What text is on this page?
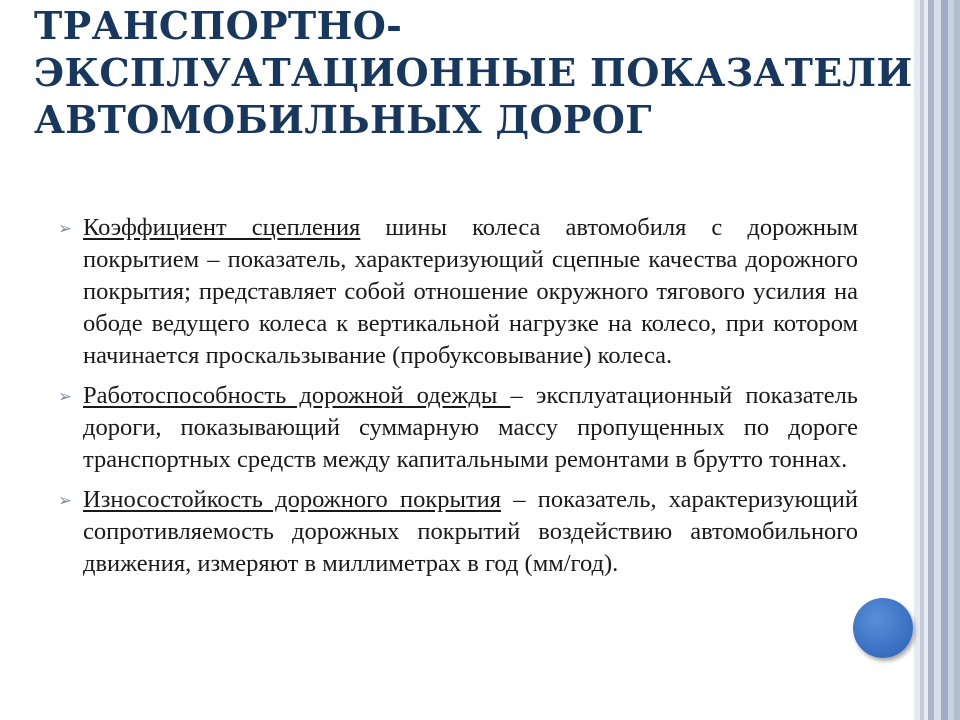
ТРАНСПОРТНО-ЭКСПЛУАТАЦИОННЫЕ ПОКАЗАТЕЛИ АВТОМОБИЛЬНЫХ ДОРОГ
➢ Коэффициент сцепления шины колеса автомобиля с дорожным покрытием – показатель, характеризующий сцепные качества дорожного покрытия; представляет собой отношение окружного тягового усилия на ободе ведущего колеса к вертикальной нагрузке на колесо, при котором начинается проскальзывание (пробуксовывание) колеса.
➢ Работоспособность дорожной одежды – эксплуатационный показатель дороги, показывающий суммарную массу пропущенных по дороге транспортных средств между капитальными ремонтами в брутто тоннах.
➢ Износостойкость дорожного покрытия – показатель, характеризующий сопротивляемость дорожных покрытий воздействию автомобильного движения, измеряют в миллиметрах в год (мм/год).
